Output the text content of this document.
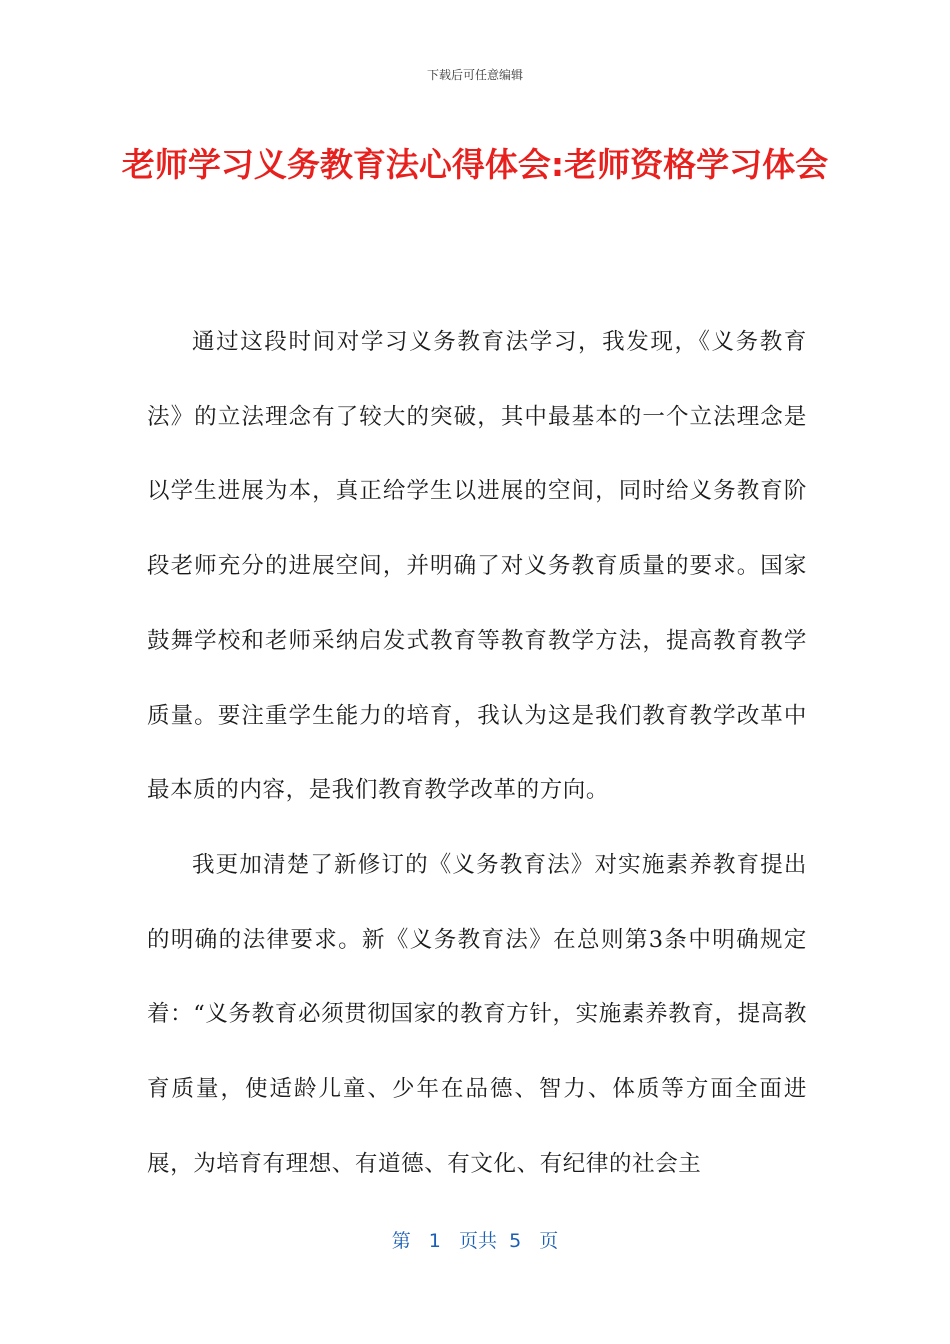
下载后可任意编辑
老师学习义务教育法心得体会:老师资格学习体会

通过这段时间对学习义务教育法学习，我发现，《义务教育法》的立法理念有了较大的突破，其中最基本的一个立法理念是以学生进展为本，真正给学生以进展的空间，同时给义务教育阶段老师充分的进展空间，并明确了对义务教育质量的要求。国家鼓舞学校和老师采纳启发式教育等教育教学方法，提高教育教学质量。要注重学生能力的培育，我认为这是我们教育教学改革中最本质的内容，是我们教育教学改革的方向。

我更加清楚了新修订的《义务教育法》对实施素养教育提出的明确的法律要求。新《义务教育法》在总则第3条中明确规定着：“义务教育必须贯彻国家的教育方针，实施素养教育，提高教育质量，使适龄儿童、少年在品德、智力、体质等方面全面进展，为培育有理想、有道德、有文化、有纪律的社会主

第   1   页共  5   页
